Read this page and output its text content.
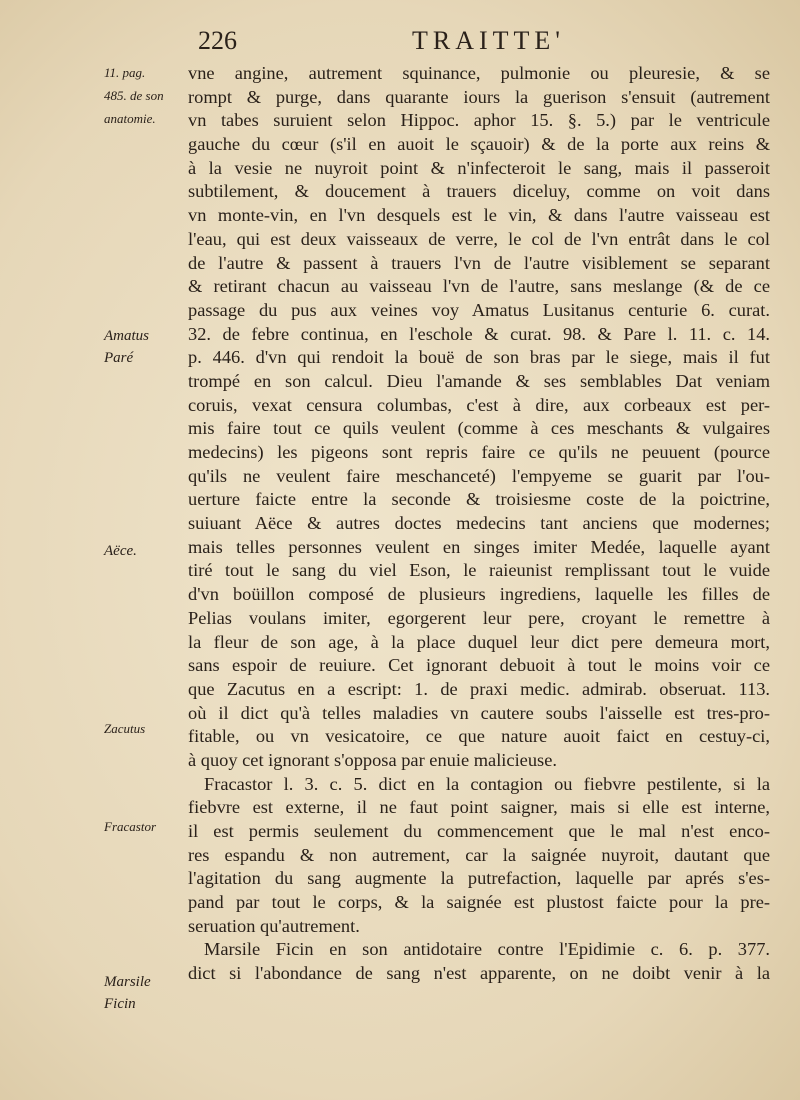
226	TRAITTE'
11. pag.
485. de son
anatomie.
Amatus
Paré
Aëce.
Zacutus
Fracastor
Marsile
Ficin
vne angine, autrement squinance, pulmonie ou pleuresie, & se
rompt & purge, dans quarante iours la guerison s'ensuit (autrement
vn tabes suruient selon Hippoc. aphor 15. §. 5.) par le ventricule
gauche du cœur (s'il en auoit le sçauoir) & de la porte aux reins &
à la vesie ne nuyroit point & n'infecteroit le sang, mais il passeroit
subtilement, & doucement à trauers diceluy, comme on voit dans
vn monte-vin, en l'vn desquels est le vin, & dans l'autre vaisseau est
l'eau, qui est deux vaisseaux de verre, le col de l'vn entrât dans le col
de l'autre & passent à trauers l'vn de l'autre visiblement se separant
& retirant chacun au vaisseau l'vn de l'autre, sans meslange (& de ce
passage du pus aux veines voy Amatus Lusitanus centurie 6. curat.
32. de febre continua, en l'eschole & curat. 98. & Pare l. 11. c. 14.
p. 446. d'vn qui rendoit la bouë de son bras par le siege, mais il fut
trompé en son calcul. Dieu l'amande & ses semblables Dat veniam
coruis, vexat censura columbas, c'est à dire, aux corbeaux est per-
mis faire tout ce quils veulent (comme à ces meschants & vulgaires
medecins) les pigeons sont repris faire ce qu'ils ne peuuent (pource
qu'ils ne veulent faire meschanceté) l'empyeme se guarit par l'ou-
uerture faicte entre la seconde & troisiesme coste de la poictrine,
suiuant Aëce & autres doctes medecins tant anciens que modernes;
mais telles personnes veulent en singes imiter Medée, laquelle ayant
tiré tout le sang du viel Eson, le raieunist remplissant tout le vuide
d'vn boüillon composé de plusieurs ingrediens, laquelle les filles de
Pelias voulans imiter, egorgerent leur pere, croyant le remettre à
la fleur de son age, à la place duquel leur dict pere demeura mort,
sans espoir de reuiure. Cet ignorant debuoit à tout le moins voir ce
que Zacutus en a escript: 1. de praxi medic. admirab. obseruat. 113.
où il dict qu'à telles maladies vn cautere soubs l'aisselle est tres-pro-
fitable, ou vn vesicatoire, ce que nature auoit faict en cestuy-ci,
à quoy cet ignorant s'opposa par enuie malicieuse.
Fracastor l. 3. c. 5. dict en la contagion ou fiebvre pestilente, si la
fiebvre est externe, il ne faut point saigner, mais si elle est interne,
il est permis seulement du commencement que le mal n'est enco-
res espandu & non autrement, car la saignée nuyroit, dautant que
l'agitation du sang augmente la putrefaction, laquelle par aprés s'es-
pand par tout le corps, & la saignée est plustost faicte pour la pre-
seruation qu'autrement.
Marsile Ficin en son antidotaire contre l'Epidimie c. 6. p. 377.
dict si l'abondance de sang n'est apparente, on ne doibt venir à la
